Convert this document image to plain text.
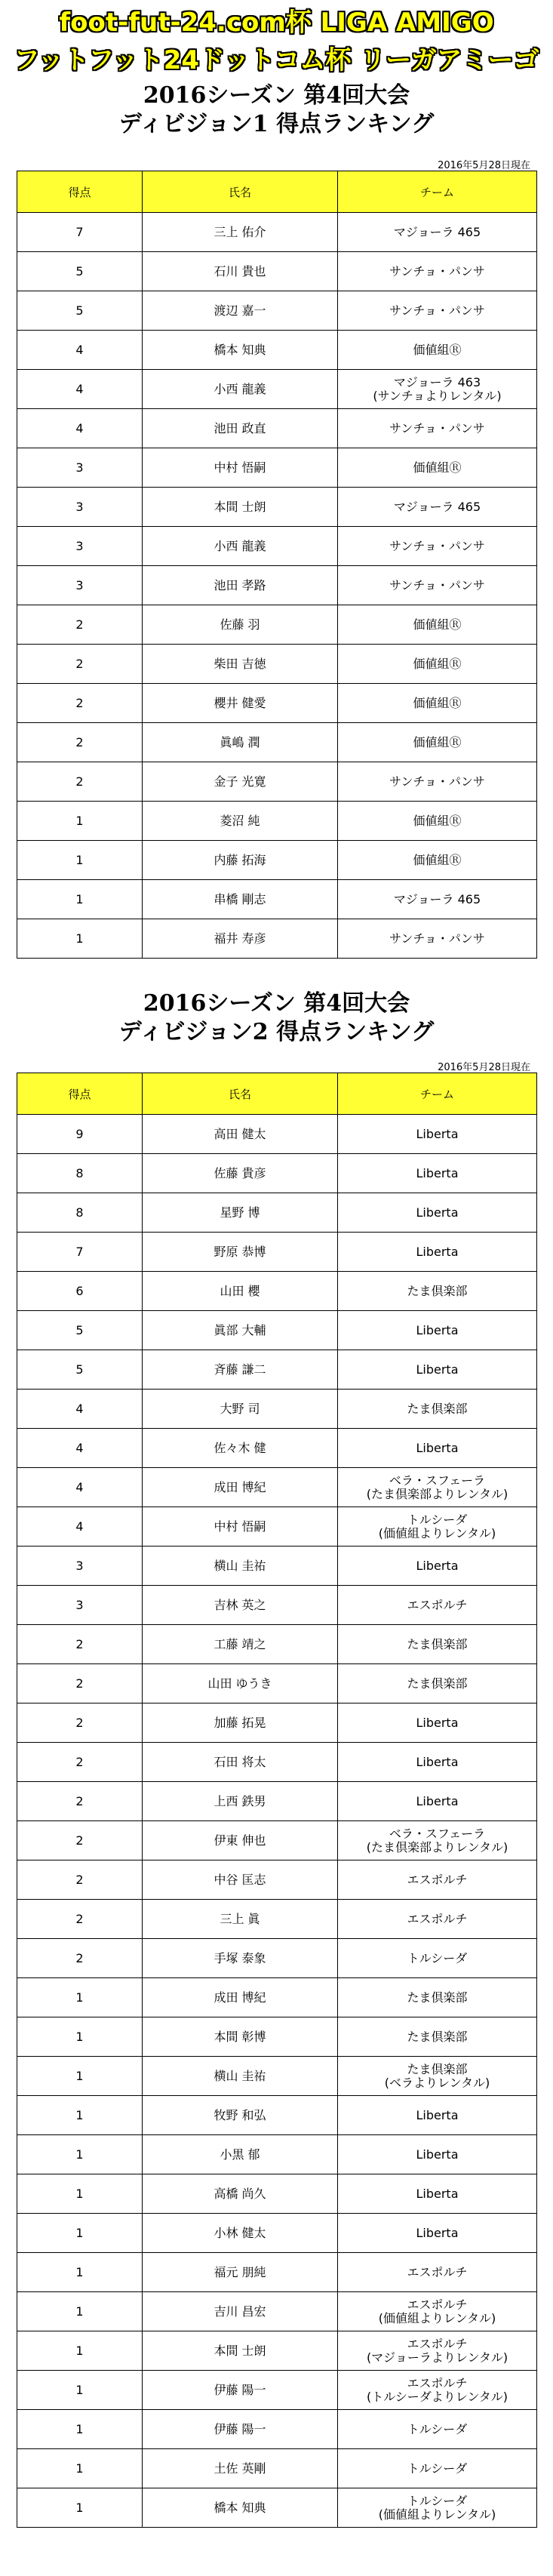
foot-fut-24.com杯 LIGA AMIGO
フットフット24ドットコム杯 リーガアミーゴ
2016シーズン 第4回大会
ディビジョン1 得点ランキング
2016年5月28日現在
得点	氏名	チーム
7	三上 佑介	マジョーラ 465
5	石川 貴也	サンチョ・パンサ
5	渡辺 嘉一	サンチョ・パンサ
4	橋本 知典	価値組Ⓡ
4	小西 龍義	マジョーラ 463
(サンチョよりレンタル)
4	池田 政直	サンチョ・パンサ
3	中村 悟嗣	価値組Ⓡ
3	本間 士朗	マジョーラ 465
3	小西 龍義	サンチョ・パンサ
3	池田 孝路	サンチョ・パンサ
2	佐藤 羽	価値組Ⓡ
2	柴田 吉徳	価値組Ⓡ
2	櫻井 健愛	価値組Ⓡ
2	眞嶋 潤	価値組Ⓡ
2	金子 光寛	サンチョ・パンサ
1	菱沼 純	価値組Ⓡ
1	内藤 拓海	価値組Ⓡ
1	串橋 剛志	マジョーラ 465
1	福井 寿彦	サンチョ・パンサ
2016シーズン 第4回大会
ディビジョン2 得点ランキング
2016年5月28日現在
得点	氏名	チーム
9	高田 健太	Liberta
8	佐藤 貴彦	Liberta
8	星野 博	Liberta
7	野原 恭博	Liberta
6	山田 櫻	たま倶楽部
5	眞部 大輔	Liberta
5	斉藤 謙二	Liberta
4	大野 司	たま倶楽部
4	佐々木 健	Liberta
4	成田 博紀	ベラ・スフェーラ
(たま倶楽部よりレンタル)
4	中村 悟嗣	トルシーダ
(価値組よりレンタル)
3	横山 圭祐	Liberta
3	吉林 英之	エスポルチ
2	工藤 靖之	たま倶楽部
2	山田 ゆうき	たま倶楽部
2	加藤 拓晃	Liberta
2	石田 将太	Liberta
2	上西 鉄男	Liberta
2	伊東 伸也	ベラ・スフェーラ
(たま倶楽部よりレンタル)
2	中谷 匡志	エスポルチ
2	三上 眞	エスポルチ
2	手塚 泰象	トルシーダ
1	成田 博紀	たま倶楽部
1	本間 彰博	たま倶楽部
1	横山 圭祐	たま倶楽部
(ベラよりレンタル)
1	牧野 和弘	Liberta
1	小黒 郁	Liberta
1	高橋 尚久	Liberta
1	小林 健太	Liberta
1	福元 朋純	エスポルチ
1	吉川 昌宏	エスポルチ
(価値組よりレンタル)
1	本間 士朗	エスポルチ
(マジョーラよりレンタル)
1	伊藤 陽一	エスポルチ
(トルシーダよりレンタル)
1	伊藤 陽一	トルシーダ
1	土佐 英剛	トルシーダ
1	橋本 知典	トルシーダ
(価値組よりレンタル)
